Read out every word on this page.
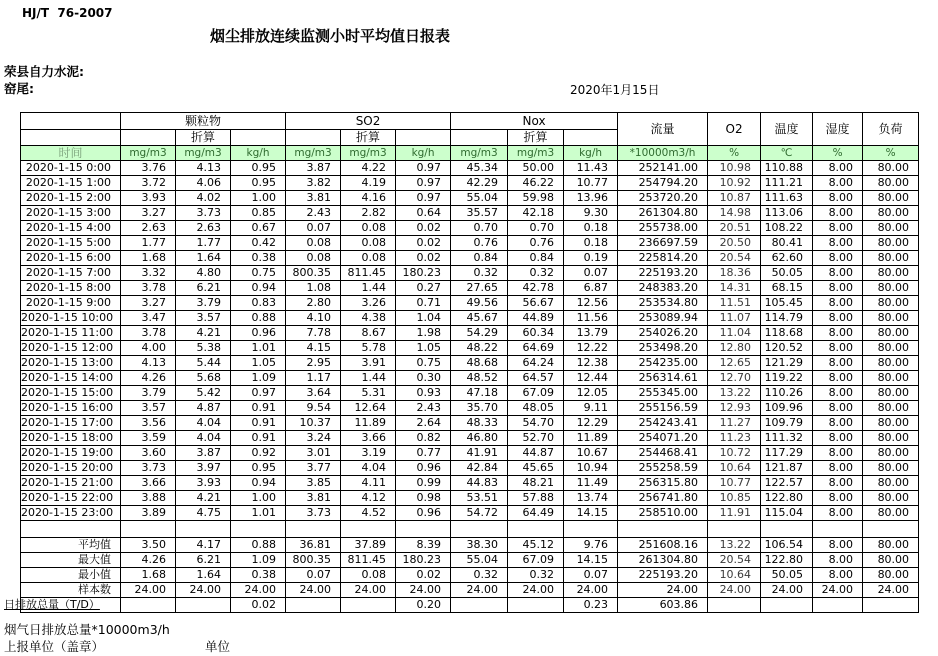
HJ/T  76-2007
烟尘排放连续监测小时平均值日报表
荣县自力水泥:
窑尾:	2020年1月15日
	颗粒物			SO2			Nox			流量	O2	温度	湿度	负荷
		折算			折算			折算						
时间	mg/m3	mg/m3	kg/h	mg/m3	mg/m3	kg/h	mg/m3	mg/m3	kg/h	*10000m3/h	%	℃	%	%
2020-1-15 0:00	3.76	4.13	0.95	3.87	4.22	0.97	45.34	50.00	11.43	252141.00	10.98	110.88	8.00	80.00
2020-1-15 1:00	3.72	4.06	0.95	3.82	4.19	0.97	42.29	46.22	10.77	254794.20	10.92	111.21	8.00	80.00
2020-1-15 2:00	3.93	4.02	1.00	3.81	4.16	0.97	55.04	59.98	13.96	253720.20	10.87	111.63	8.00	80.00
2020-1-15 3:00	3.27	3.73	0.85	2.43	2.82	0.64	35.57	42.18	9.30	261304.80	14.98	113.06	8.00	80.00
2020-1-15 4:00	2.63	2.63	0.67	0.07	0.08	0.02	0.70	0.70	0.18	255738.00	20.51	108.22	8.00	80.00
2020-1-15 5:00	1.77	1.77	0.42	0.08	0.08	0.02	0.76	0.76	0.18	236697.59	20.50	80.41	8.00	80.00
2020-1-15 6:00	1.68	1.64	0.38	0.08	0.08	0.02	0.84	0.84	0.19	225814.20	20.54	62.60	8.00	80.00
2020-1-15 7:00	3.32	4.80	0.75	800.35	811.45	180.23	0.32	0.32	0.07	225193.20	18.36	50.05	8.00	80.00
2020-1-15 8:00	3.78	6.21	0.94	1.08	1.44	0.27	27.65	42.78	6.87	248383.20	14.31	68.15	8.00	80.00
2020-1-15 9:00	3.27	3.79	0.83	2.80	3.26	0.71	49.56	56.67	12.56	253534.80	11.51	105.45	8.00	80.00
2020-1-15 10:00	3.47	3.57	0.88	4.10	4.38	1.04	45.67	44.89	11.56	253089.94	11.07	114.79	8.00	80.00
2020-1-15 11:00	3.78	4.21	0.96	7.78	8.67	1.98	54.29	60.34	13.79	254026.20	11.04	118.68	8.00	80.00
2020-1-15 12:00	4.00	5.38	1.01	4.15	5.78	1.05	48.22	64.69	12.22	253498.20	12.80	120.52	8.00	80.00
2020-1-15 13:00	4.13	5.44	1.05	2.95	3.91	0.75	48.68	64.24	12.38	254235.00	12.65	121.29	8.00	80.00
2020-1-15 14:00	4.26	5.68	1.09	1.17	1.44	0.30	48.52	64.57	12.44	256314.61	12.70	119.22	8.00	80.00
2020-1-15 15:00	3.79	5.42	0.97	3.64	5.31	0.93	47.18	67.09	12.05	255345.00	13.22	110.26	8.00	80.00
2020-1-15 16:00	3.57	4.87	0.91	9.54	12.64	2.43	35.70	48.05	9.11	255156.59	12.93	109.96	8.00	80.00
2020-1-15 17:00	3.56	4.04	0.91	10.37	11.89	2.64	48.33	54.70	12.29	254243.41	11.27	109.79	8.00	80.00
2020-1-15 18:00	3.59	4.04	0.91	3.24	3.66	0.82	46.80	52.70	11.89	254071.20	11.23	111.32	8.00	80.00
2020-1-15 19:00	3.60	3.87	0.92	3.01	3.19	0.77	41.91	44.87	10.67	254468.41	10.72	117.29	8.00	80.00
2020-1-15 20:00	3.73	3.97	0.95	3.77	4.04	0.96	42.84	45.65	10.94	255258.59	10.64	121.87	8.00	80.00
2020-1-15 21:00	3.66	3.93	0.94	3.85	4.11	0.99	44.83	48.21	11.49	256315.80	10.77	122.57	8.00	80.00
2020-1-15 22:00	3.88	4.21	1.00	3.81	4.12	0.98	53.51	57.88	13.74	256741.80	10.85	122.80	8.00	80.00
2020-1-15 23:00	3.89	4.75	1.01	3.73	4.52	0.96	54.72	64.49	14.15	258510.00	11.91	115.04	8.00	80.00

平均值	3.50	4.17	0.88	36.81	37.89	8.39	38.30	45.12	9.76	251608.16	13.22	106.54	8.00	80.00
最大值	4.26	6.21	1.09	800.35	811.45	180.23	55.04	67.09	14.15	261304.80	20.54	122.80	8.00	80.00
最小值	1.68	1.64	0.38	0.07	0.08	0.02	0.32	0.32	0.07	225193.20	10.64	50.05	8.00	80.00
样本数	24.00	24.00	24.00	24.00	24.00	24.00	24.00	24.00	24.00	24.00	24.00	24.00	24.00	24.00
日排放总量（T/D）			0.02			0.20			0.23	603.86				
烟气日排放总量*10000m3/h
上报单位（盖章）	单位
